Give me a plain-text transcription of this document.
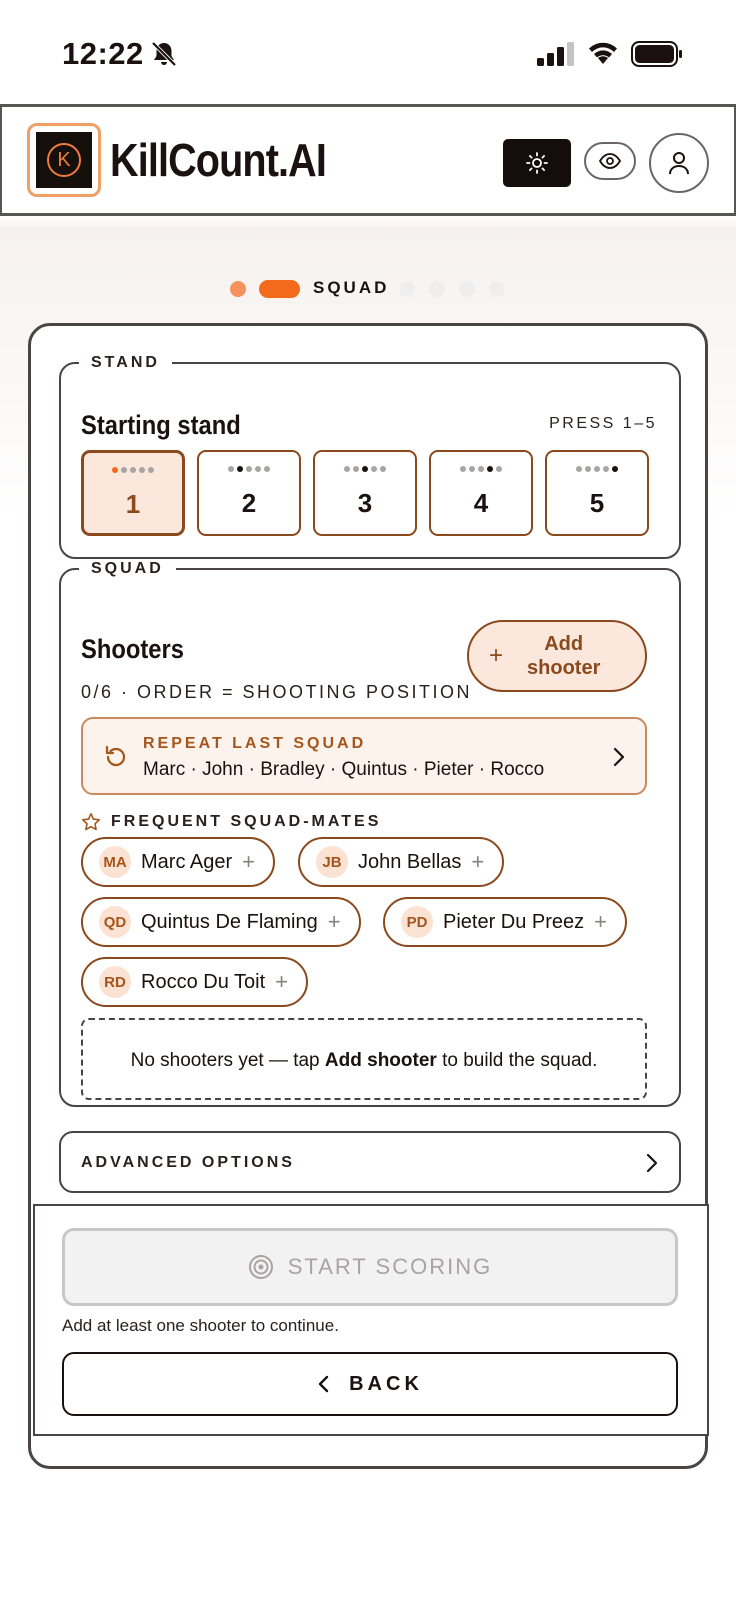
12:22
K KillCount.AI
SQUAD
STAND
Starting stand	PRESS 1–5
1	2	3	4	5
SQUAD
Shooters	+	Add
shooter
0/6 · ORDER = SHOOTING POSITION
REPEAT LAST SQUAD
Marc · John · Bradley · Quintus · Pieter · Rocco
FREQUENT SQUAD-MATES
MA Marc Ager +	JB John Bellas +
QD Quintus De Flaming +	PD Pieter Du Preez +
RD Rocco Du Toit +
No shooters yet — tap Add shooter to build the squad.
ADVANCED OPTIONS
START SCORING
Add at least one shooter to continue.
BACK
